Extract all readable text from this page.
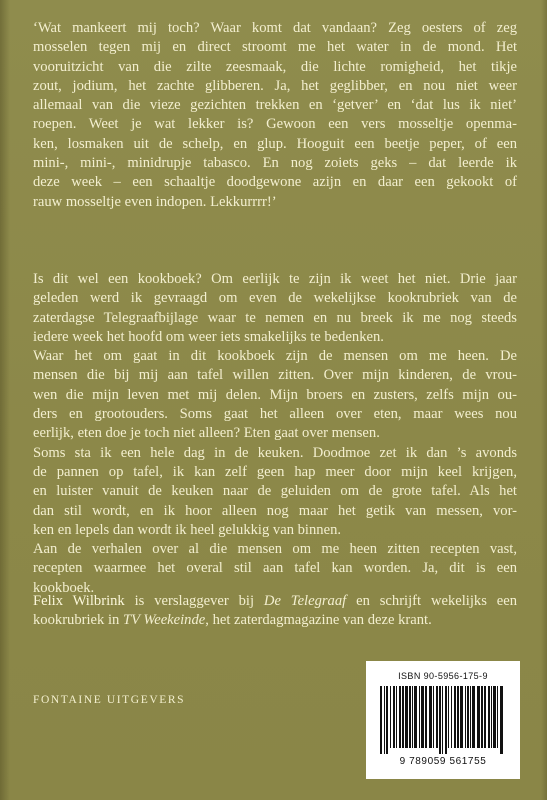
‘Wat mankeert mij toch? Waar komt dat vandaan? Zeg oesters of zeg
mosselen tegen mij en direct stroomt me het water in de mond. Het
vooruitzicht van die zilte zeesmaak, die lichte romigheid, het tikje
zout, jodium, het zachte glibberen. Ja, het geglibber, en nou niet weer
allemaal van die vieze gezichten trekken en ‘getver’ en ‘dat lus ik niet’
roepen. Weet je wat lekker is? Gewoon een vers mosseltje openma-
ken, losmaken uit de schelp, en glup. Hooguit een beetje peper, of een
mini-, mini-, minidrupje tabasco. En nog zoiets geks – dat leerde ik
deze week – een schaaltje doodgewone azijn en daar een gekookt of
rauw mosseltje even indopen. Lekkurrrr!’
Is dit wel een kookboek? Om eerlijk te zijn ik weet het niet. Drie jaar
geleden werd ik gevraagd om even de wekelijkse kookrubriek van de
zaterdagse Telegraafbijlage waar te nemen en nu breek ik me nog steeds
iedere week het hoofd om weer iets smakelijks te bedenken.
Waar het om gaat in dit kookboek zijn de mensen om me heen. De
mensen die bij mij aan tafel willen zitten. Over mijn kinderen, de vrou-
wen die mijn leven met mij delen. Mijn broers en zusters, zelfs mijn ou-
ders en grootouders. Soms gaat het alleen over eten, maar wees nou
eerlijk, eten doe je toch niet alleen? Eten gaat over mensen.
Soms sta ik een hele dag in de keuken. Doodmoe zet ik dan ’s avonds
de pannen op tafel, ik kan zelf geen hap meer door mijn keel krijgen,
en luister vanuit de keuken naar de geluiden om de grote tafel. Als het
dan stil wordt, en ik hoor alleen nog maar het getik van messen, vor-
ken en lepels dan wordt ik heel gelukkig van binnen.
Aan de verhalen over al die mensen om me heen zitten recepten vast,
recepten waarmee het overal stil aan tafel kan worden. Ja, dit is een
kookboek.
Felix Wilbrink is verslaggever bij De Telegraaf en schrijft wekelijks een
kookrubriek in TV Weekeinde, het zaterdagmagazine van deze krant.
FONTAINE UITGEVERS
ISBN 90-5956-175-9
9 789059 561755
